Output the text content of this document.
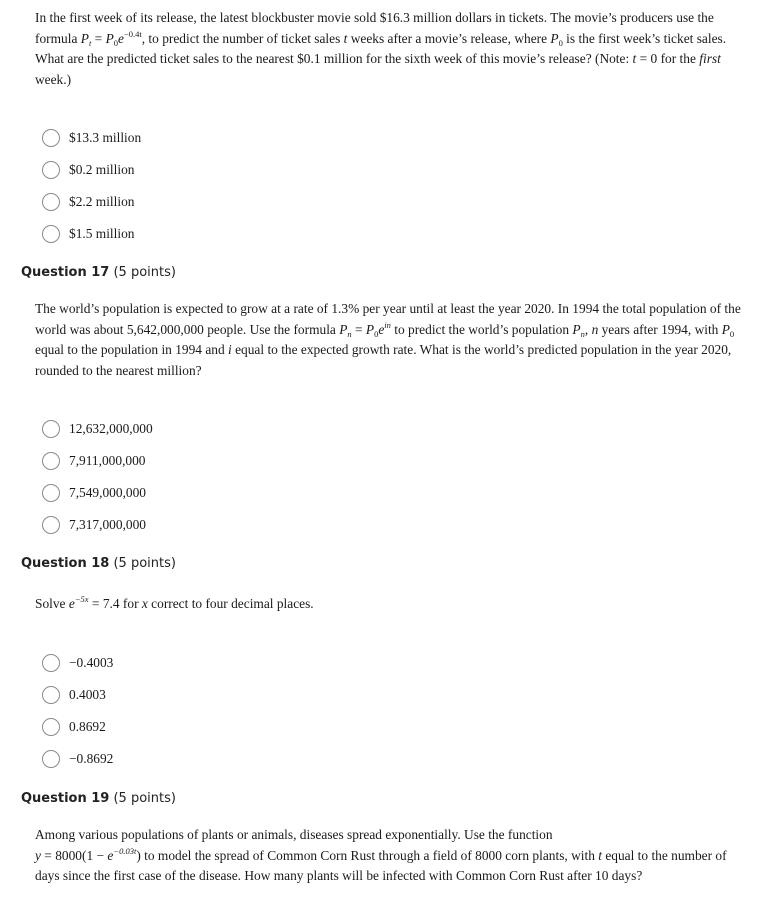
In the first week of its release, the latest blockbuster movie sold $16.3 million dollars in tickets. The movie’s producers use the formula $P_t = P_0e^{-0.4t}$, to predict the number of ticket sales t weeks after a movie’s release, where $P_0$ is the first week’s ticket sales. What are the predicted ticket sales to the nearest $0.1 million for the sixth week of this movie’s release? (Note: t = 0 for the first week.)

$13.3 million
$0.2 million
$2.2 million
$1.5 million
Question 17 (5 points)

The world’s population is expected to grow at a rate of 1.3% per year until at least the year 2020. In 1994 the total population of the world was about 5,642,000,000 people. Use the formula $P_n = P_0e^{in}$ to predict the world’s population $P_n$, n years after 1994, with $P_0$ equal to the population in 1994 and i equal to the expected growth rate. What is the world’s predicted population in the year 2020, rounded to the nearest million?

12,632,000,000
7,911,000,000
7,549,000,000
7,317,000,000
Question 18 (5 points)

Solve $e^{-5x} = 7.4$ for x correct to four decimal places.

−0.4003
0.4003
0.8692
−0.8692
Question 19 (5 points)

Among various populations of plants or animals, diseases spread exponentially. Use the function
$y = 8000(1 - e^{-0.03t})$ to model the spread of Common Corn Rust through a field of 8000 corn plants, with t equal to the number of days since the first case of the disease. How many plants will be infected with Common Corn Rust after 10 days?
